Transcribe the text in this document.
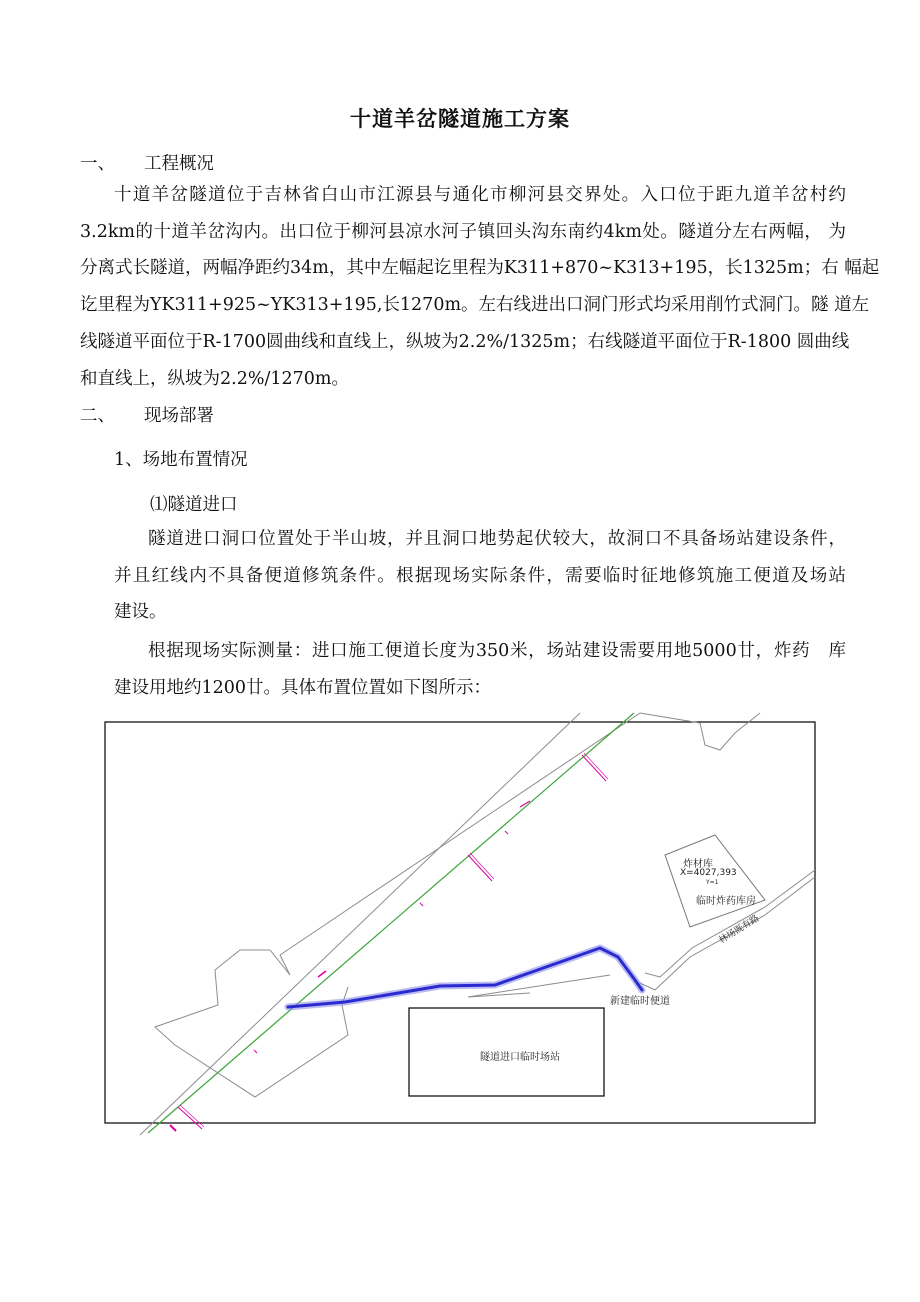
十道羊岔隧道施工方案
一、 工程概况
十道羊岔隧道位于吉林省白山市江源县与通化市柳河县交界处。入口位于距九道羊岔村约
3.2km的十道羊岔沟内。出口位于柳河县凉水河子镇回头沟东南约4km处。隧道分左右两幅， 为
分离式长隧道，两幅净距约34m，其中左幅起讫里程为K311+870~K313+195，长1325m；右 幅起
讫里程为YK311+925~YK313+195,长1270m。左右线进出口洞门形式均采用削竹式洞门。隧 道左
线隧道平面位于R-1700圆曲线和直线上，纵坡为2.2%/1325m；右线隧道平面位于R-1800 圆曲线
和直线上，纵坡为2.2%/1270m。
二、 现场部署
1、场地布置情况
⑴隧道进口
隧道进口洞口位置处于半山坡，并且洞口地势起伏较大，故洞口不具备场站建设条件，
并且红线内不具备便道修筑条件。根据现场实际条件，需要临时征地修筑施工便道及场站
建设。
根据现场实际测量：进口施工便道长度为350米，场站建设需要用地5000廿，炸药　库
建设用地约1200廿。具体布置位置如下图所示：
炸材库
X=4027,393
Y=1
临时炸药库房
新建临时便道
林场既有路
隧道进口临时场站
